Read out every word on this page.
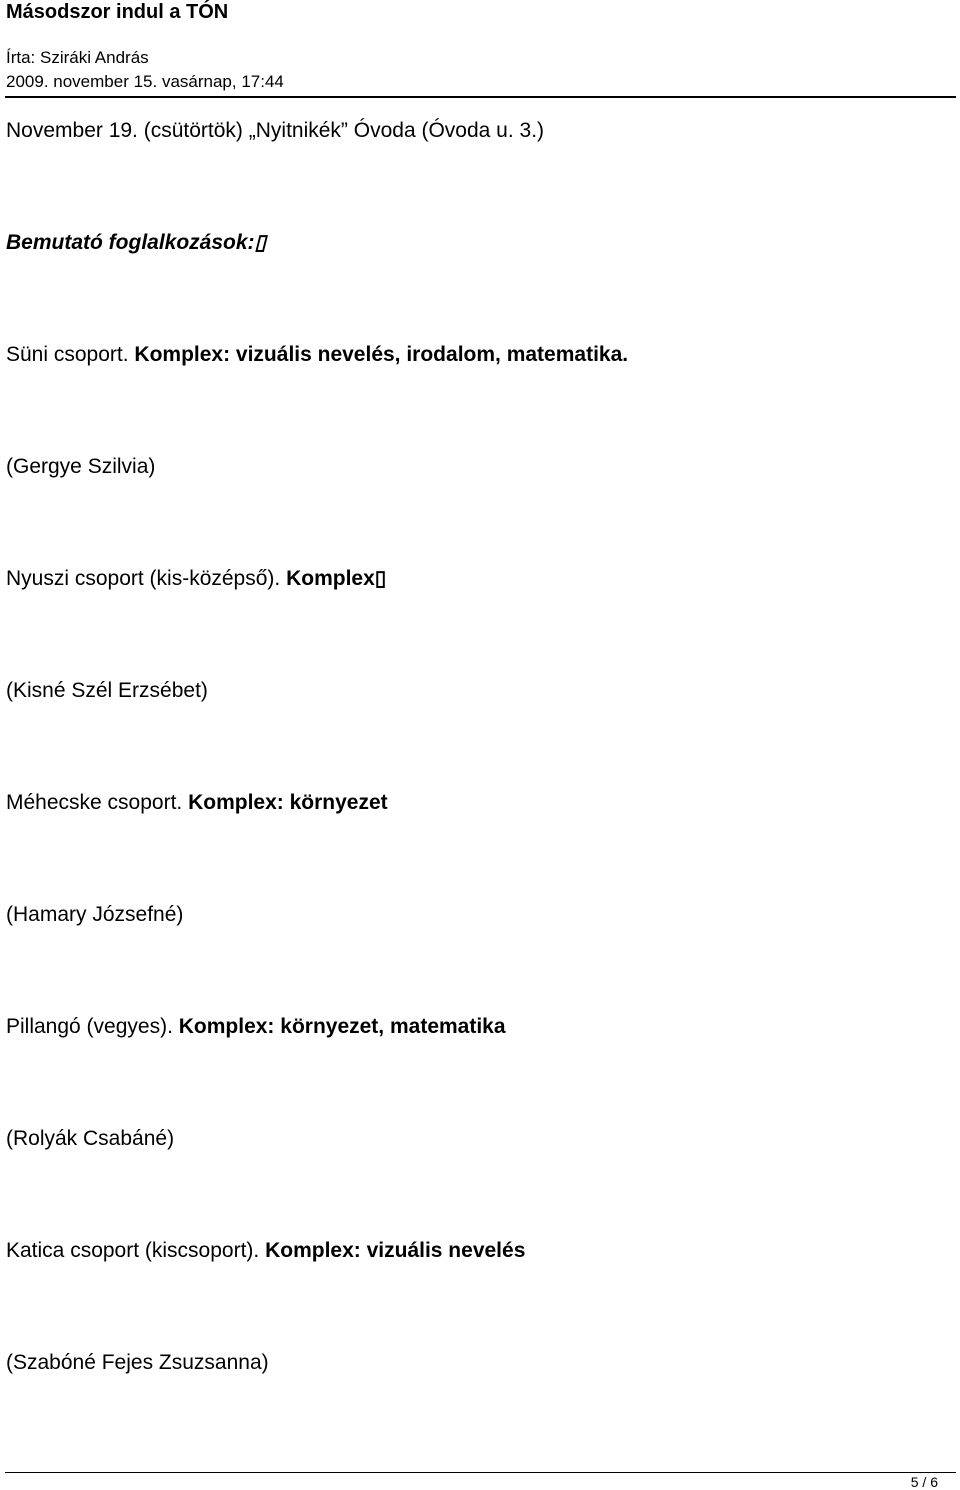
Másodszor indul a TÓN
Írta: Sziráki András
2009. november 15. vasárnap, 17:44
November 19. (csütörtök) „Nyitnikék” Óvoda (Óvoda u. 3.)
Bemutató foglalkozások:▯
Süni csoport. Komplex: vizuális nevelés, irodalom, matematika.
(Gergye Szilvia)
Nyuszi csoport (kis-középső). Komplex▯
(Kisné Szél Erzsébet)
Méhecske csoport. Komplex: környezet
(Hamary Józsefné)
Pillangó (vegyes). Komplex: környezet, matematika
(Rolyák Csabáné)
Katica csoport (kiscsoport). Komplex: vizuális nevelés
(Szabóné Fejes Zsuzsanna)
5 / 6
